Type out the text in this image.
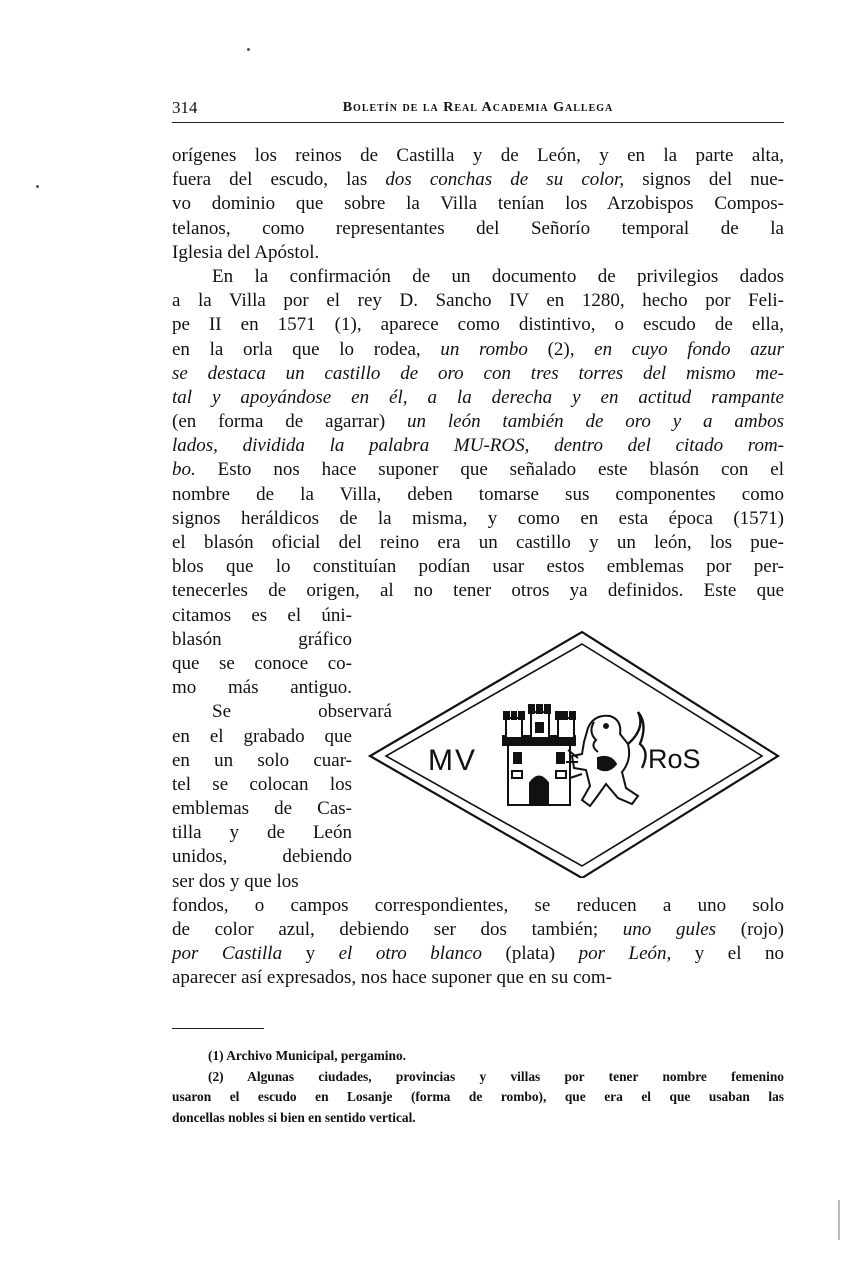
314	Boletín de la Real Academia Gallega
orígenes los reinos de Castilla y de León, y en la parte alta,
fuera del escudo, las dos conchas de su color, signos del nue-
vo dominio que sobre la Villa tenían los Arzobispos Compos-
telanos, como representantes del Señorío temporal de la
Iglesia del Apóstol.
En la confirmación de un documento de privilegios dados
a la Villa por el rey D. Sancho IV en 1280, hecho por Feli-
pe II en 1571 (1), aparece como distintivo, o escudo de ella,
en la orla que lo rodea, un rombo (2), en cuyo fondo azur
se destaca un castillo de oro con tres torres del mismo me-
tal y apoyándose en él, a la derecha y en actitud rampante
(en forma de agarrar) un león también de oro y a ambos
lados, dividida la palabra MU-ROS, dentro del citado rom-
bo. Esto nos hace suponer que señalado este blasón con el
nombre de la Villa, deben tomarse sus componentes como
signos heráldicos de la misma, y como en esta época (1571)
el blasón oficial del reino era un castillo y un león, los pue-
blos que lo constituían podían usar estos emblemas por per-
tenecerles de origen, al no tener otros ya definidos. Este que
citamos es el úni-
blasón gráfico
que se conoce co-
mo más antiguo.
Se observará
en el grabado que
en un solo cuar-
tel se colocan los
emblemas de Cas-
tilla y de León
unidos, debiendo
ser dos y que los
fondos, o campos correspondientes, se reducen a uno solo
de color azul, debiendo ser dos también; uno gules (rojo)
por Castilla y el otro blanco (plata) por León, y el no
aparecer así expresados, nos hace suponer que en su com-
MV	RoS
(1) Archivo Municipal, pergamino.
(2) Algunas ciudades, provincias y villas por tener nombre femenino
usaron el escudo en Losanje (forma de rombo), que era el que usaban las
doncellas nobles si bien en sentido vertical.
